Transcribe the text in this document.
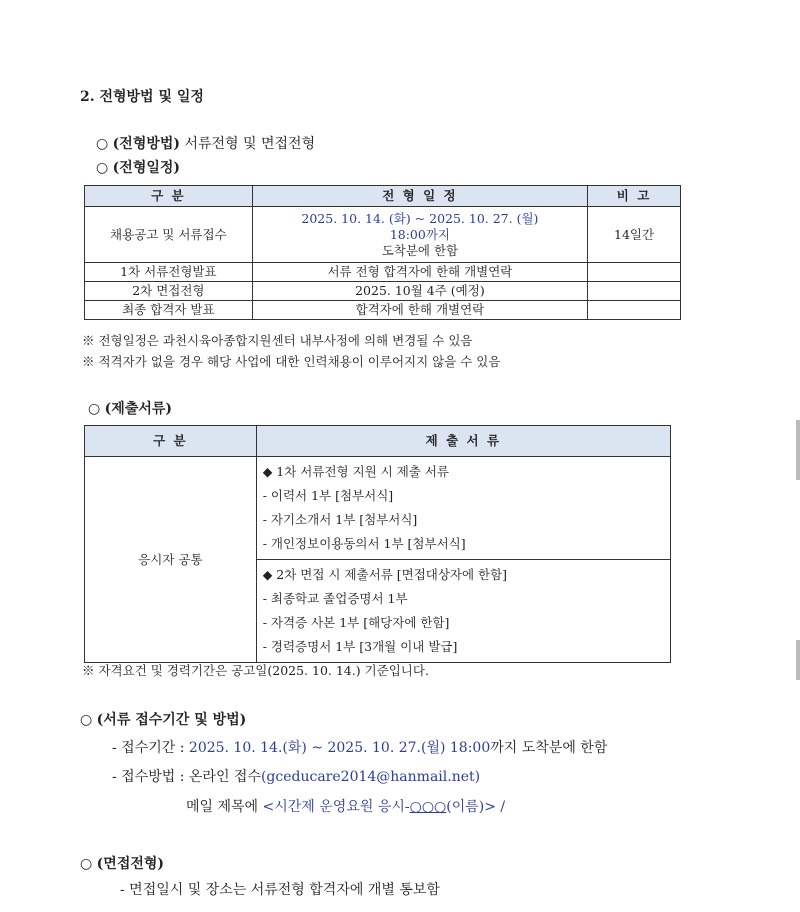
2. 전형방법 및 일정
○ (전형방법) 서류전형 및 면접전형
○ (전형일정)
구 분	전 형 일 정	비 고
채용공고 및 서류접수	2025. 10. 14. (화) ~ 2025. 10. 27. (월)
18:00까지
도착분에 한함	14일간
1차 서류전형발표	서류 전형 합격자에 한해 개별연락	
2차 면접전형	2025. 10월 4주 (예정)	
최종 합격자 발표	합격자에 한해 개별연락	
※ 전형일정은 과천시육아종합지원센터 내부사정에 의해 변경될 수 있음
※ 적격자가 없을 경우 해당 사업에 대한 인력채용이 이루어지지 않을 수 있음
○ (제출서류)
구 분	제 출 서 류
응시자 공통	◆ 1차 서류전형 지원 시 제출 서류
- 이력서 1부 [첨부서식]
- 자기소개서 1부 [첨부서식]
- 개인정보이용동의서 1부 [첨부서식]

	◆ 2차 면접 시 제출서류 [면접대상자에 한함]
- 최종학교 졸업증명서 1부
- 자격증 사본 1부 [해당자에 한함]
- 경력증명서 1부 [3개월 이내 발급]
※ 자격요건 및 경력기간은 공고일(2025. 10. 14.) 기준입니다.
○ (서류 접수기간 및 방법)
- 접수기간 : 2025. 10. 14.(화) ~ 2025. 10. 27.(월) 18:00까지 도착분에 한함
- 접수방법 : 온라인 접수(gceducare2014@hanmail.net)
메일 제목에 <시간제 운영요원 응시-○○○(이름)> /
○ (면접전형)
- 면접일시 및 장소는 서류전형 합격자에 개별 통보함
